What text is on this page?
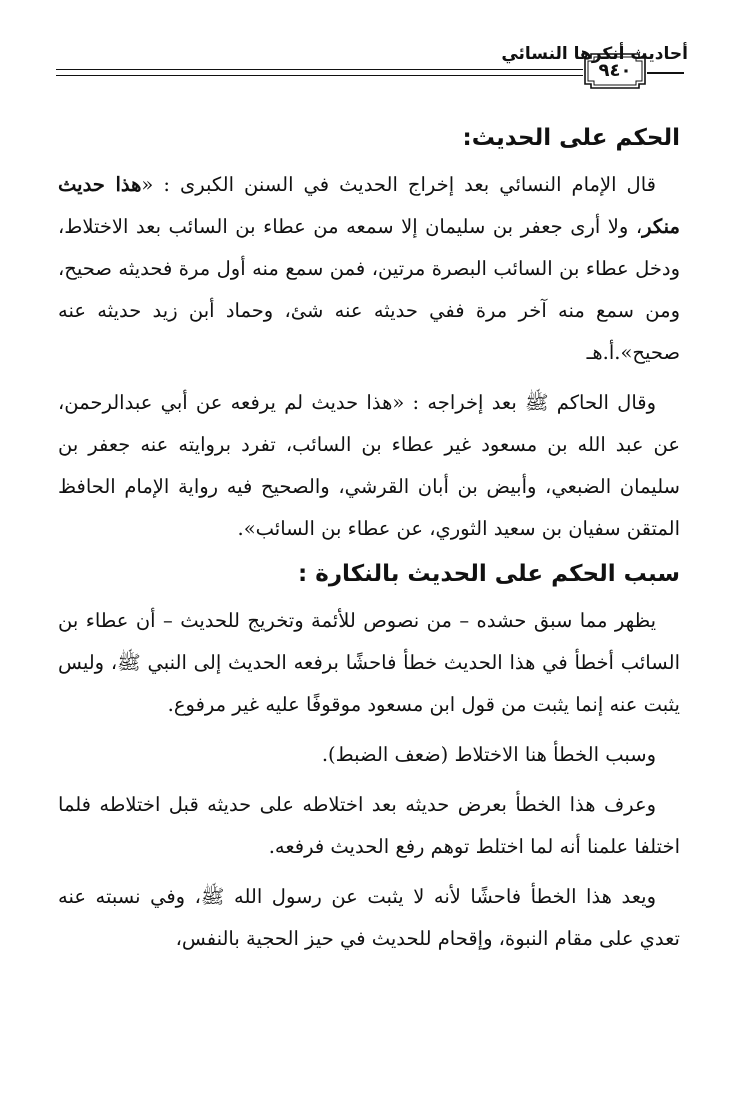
أحاديث أنكرها النسائي
٩٤٠
الحكم على الحديث:

قال الإمام النسائي بعد إخراج الحديث في السنن الكبرى : «هذا حديث منكر، ولا أرى جعفر بن سليمان إلا سمعه من عطاء بن السائب بعد الاختلاط، ودخل عطاء بن السائب البصرة مرتين، فمن سمع منه أول مرة فحديثه صحيح، ومن سمع منه آخر مرة ففي حديثه عنه شئ، وحماد أبن زيد حديثه عنه صحيح».أ.هـ

وقال الحاكم ﷺ بعد إخراجه : «هذا حديث لم يرفعه عن أبي عبدالرحمن، عن عبد الله بن مسعود غير عطاء بن السائب، تفرد بروايته عنه جعفر بن سليمان الضبعي، وأبيض بن أبان القرشي، والصحيح فيه رواية الإمام الحافظ المتقن سفيان بن سعيد الثوري، عن عطاء بن السائب».

سبب الحكم على الحديث بالنكارة :

يظهر مما سبق حشده – من نصوص للأئمة وتخريج للحديث – أن عطاء بن السائب أخطأ في هذا الحديث خطأ فاحشًا برفعه الحديث إلى النبي ﷺ، وليس يثبت عنه إنما يثبت من قول ابن مسعود موقوفًا عليه غير مرفوع.

وسبب الخطأ هنا الاختلاط (ضعف الضبط).

وعرف هذا الخطأ بعرض حديثه بعد اختلاطه على حديثه قبل اختلاطه فلما اختلفا علمنا أنه لما اختلط توهم رفع الحديث فرفعه.

ويعد هذا الخطأ فاحشًا لأنه لا يثبت عن رسول الله ﷺ، وفي نسبته عنه تعدي على مقام النبوة، وإقحام للحديث في حيز الحجية بالنفس،
